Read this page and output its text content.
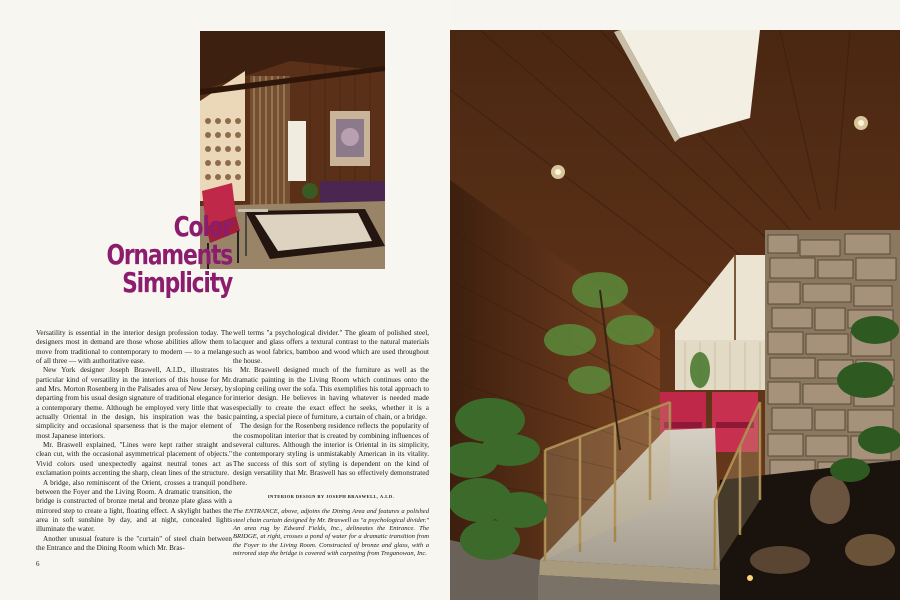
Color
Ornaments
Simplicity

Versatility is essential in the interior design profession today. The designers most in demand are those whose abilities allow them to move from traditional to contemporary to modern — to a melange of all three — with authoritative ease.

New York designer Joseph Braswell, A.I.D., illustrates his particular kind of versatility in the interiors of this house for Mr. and Mrs. Morton Rosenberg in the Palisades area of New Jersey, by departing from his usual design signature of traditional elegance for a contemporary theme. Although he employed very little that was actually Oriental in the design, his inspiration was the basic simplicity and occasional sparseness that is the major element of most Japanese interiors.

Mr. Braswell explained, "Lines were kept rather straight and clean cut, with the occasional asymmetrical placement of objects." Vivid colors used unexpectedly against neutral tones act as exclamation points accenting the sharp, clean lines of the structure.

A bridge, also reminiscent of the Orient, crosses a tranquil pond between the Foyer and the Living Room. A dramatic transition, the bridge is constructed of bronze metal and bronze plate glass with a mirrored step to create a light, floating effect. A skylight bathes the area in soft sunshine by day, and at night, concealed lights illuminate the water.

Another unusual feature is the "curtain" of steel chain between the Entrance and the Dining Room which Mr. Bras-

well terms "a psychological divider." The gleam of polished steel, lacquer and glass offers a textural contrast to the natural materials such as wool fabrics, bamboo and wood which are used throughout the house.

Mr. Braswell designed much of the furniture as well as the dramatic painting in the Living Room which continues onto the sloping ceiling over the sofa. This exemplifies his total approach to interior design. He believes in having whatever is needed made especially to create the exact effect he seeks, whether it is a painting, a special piece of furniture, a curtain of chain, or a bridge.

The design for the Rosenberg residence reflects the popularity of the cosmopolitan interior that is created by combining influences of several cultures. Although the interior is Oriental in its simplicity, the contemporary styling is unmistakably American in its vitality. The success of this sort of styling is dependent on the kind of design versatility that Mr. Braswell has so effectively demonstrated here.

INTERIOR DESIGN BY JOSEPH BRASWELL, A.I.D.

The ENTRANCE, above, adjoins the Dining Area and features a polished steel chain curtain designed by Mr. Braswell as "a psychological divider." An area rug by Edward Fields, Inc., delineates the Entrance. The BRIDGE, at right, crosses a pond of water for a dramatic transition from the Foyer to the Living Room. Constructed of bronze and glass, with a mirrored step the bridge is covered with carpeting from Treganowan, Inc.

6
